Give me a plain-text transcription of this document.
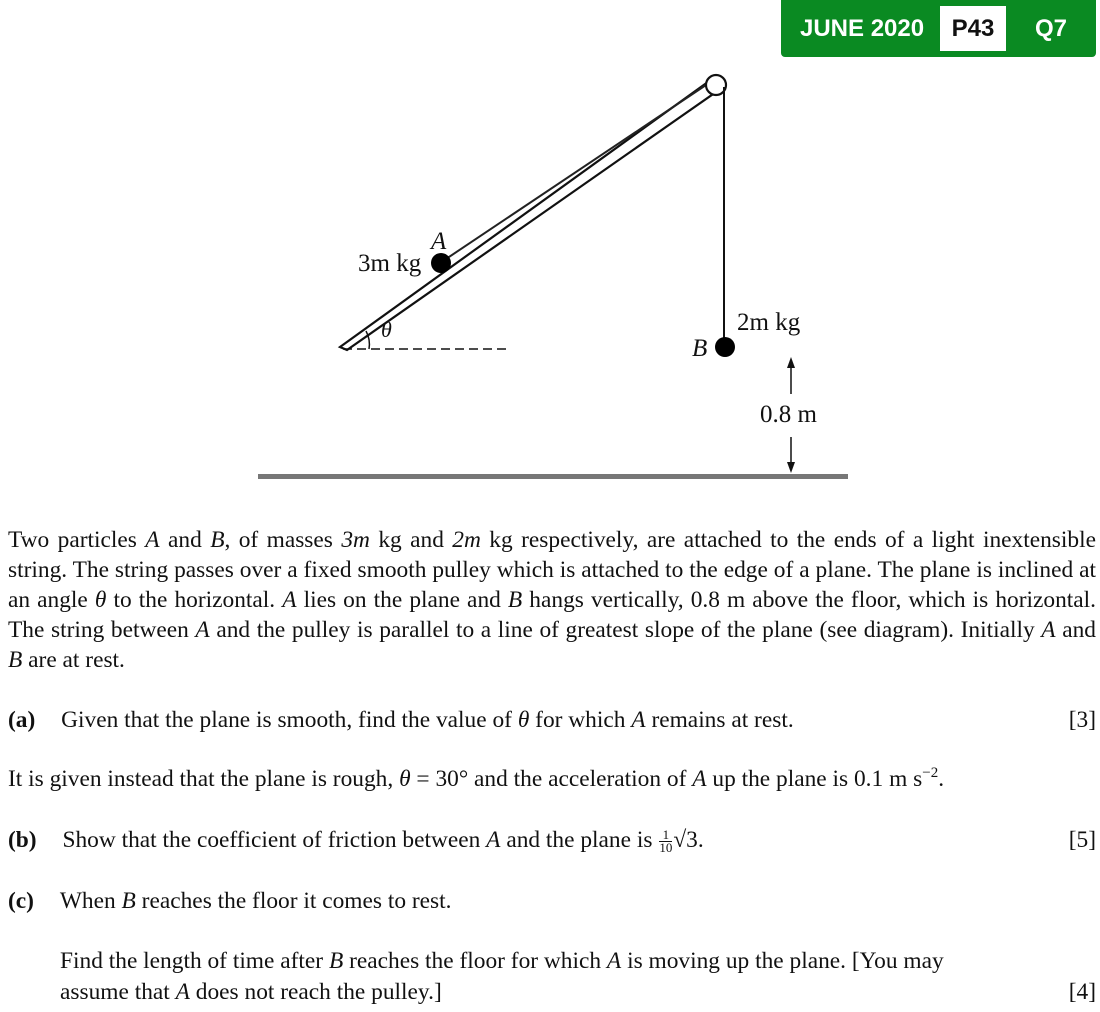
JUNE 2020	P43	Q7
A
3m kg
θ	2m kg
B
0.8 m
Two particles A and B, of masses 3m kg and 2m kg respectively, are attached to the ends of a light inextensible string. The string passes over a fixed smooth pulley which is attached to the edge of a plane. The plane is inclined at an angle θ to the horizontal. A lies on the plane and B hangs vertically, 0.8 m above the floor, which is horizontal. The string between A and the pulley is parallel to a line of greatest slope of the plane (see diagram). Initially A and B are at rest.
(a) Given that the plane is smooth, find the value of θ for which A remains at rest.	[3]
It is given instead that the plane is rough, θ = 30° and the acceleration of A up the plane is 0.1 m $s^{-2}$.
(b) Show that the coefficient of friction between A and the plane is $\frac{1}{10} √3$.	[5]
(c) When B reaches the floor it comes to rest.
Find the length of time after B reaches the floor for which A is moving up the plane. [You may
assume that A does not reach the pulley.]	[4]
